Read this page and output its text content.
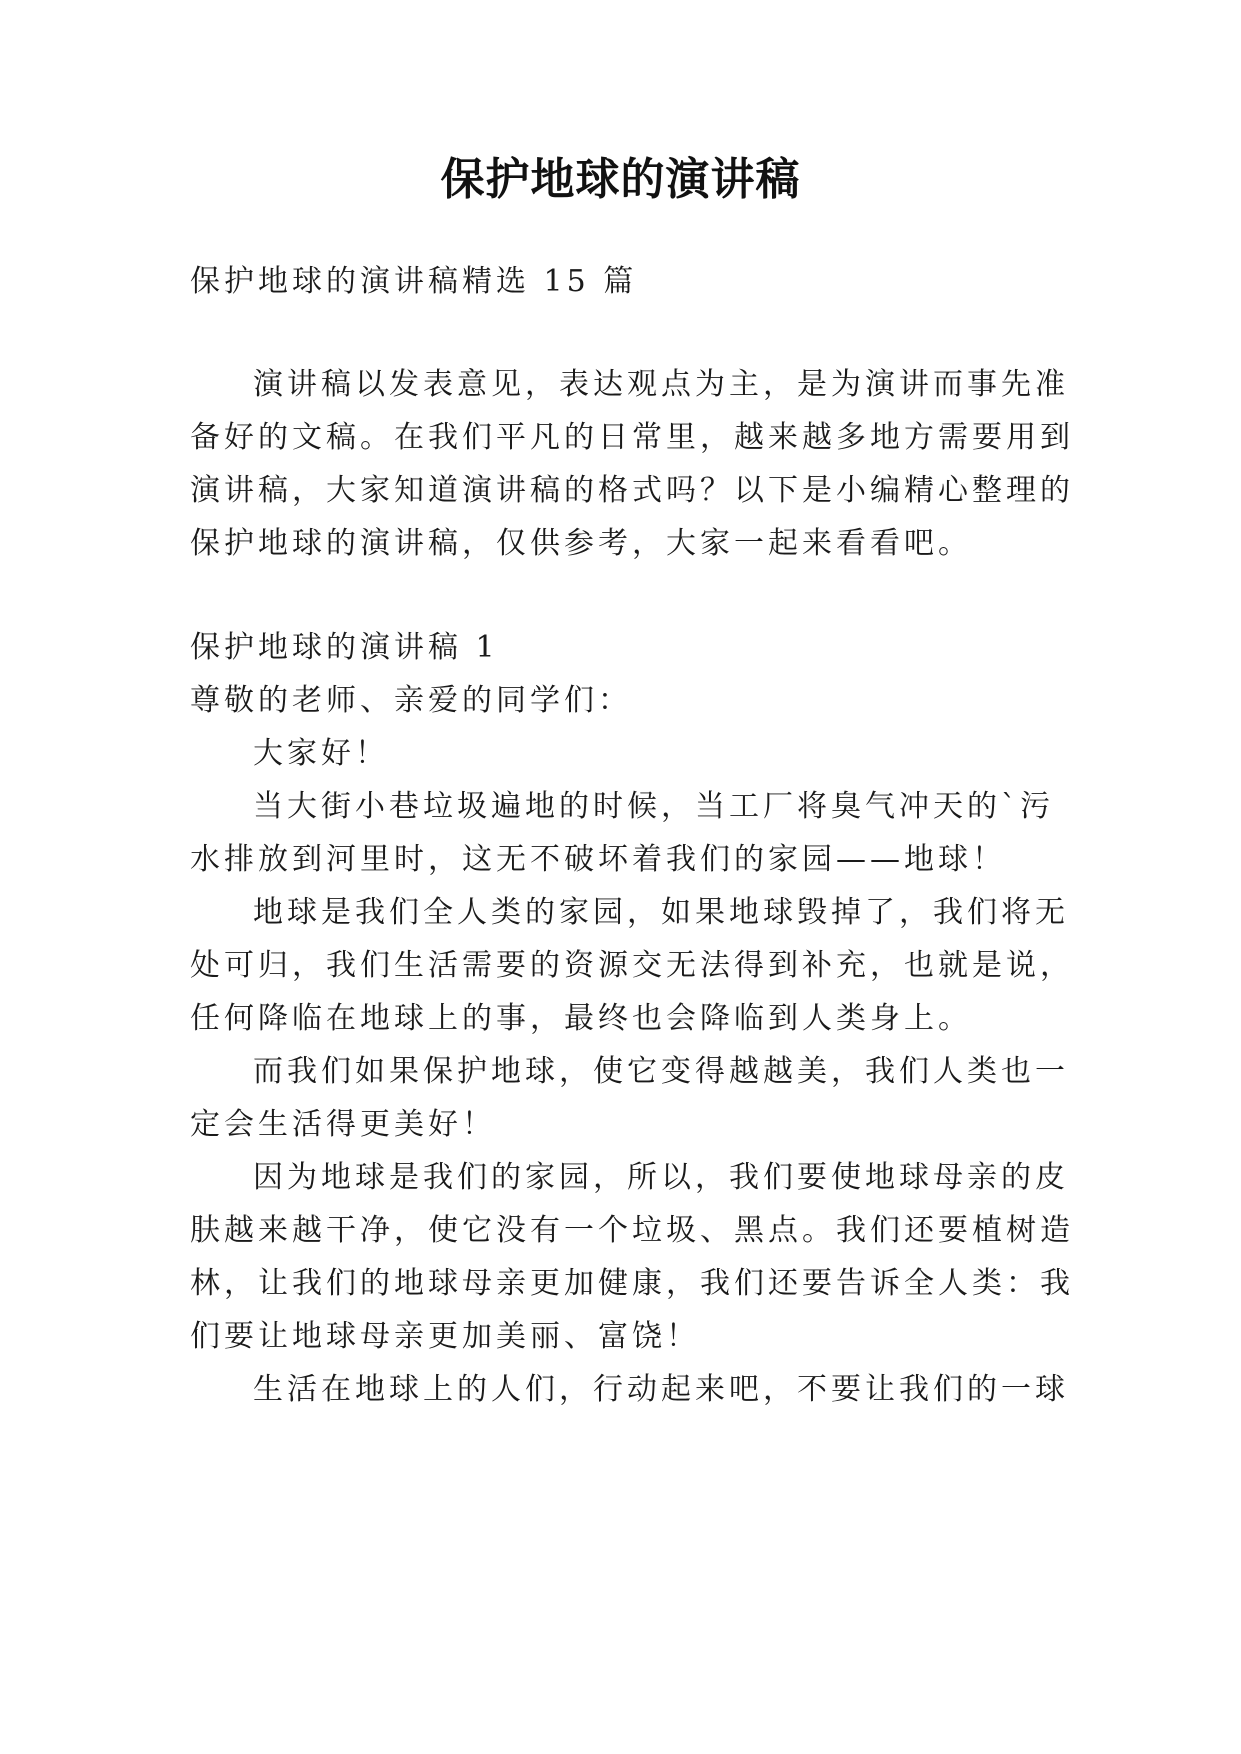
保护地球的演讲稿
保护地球的演讲稿精选 15 篇
演讲稿以发表意见，表达观点为主，是为演讲而事先准
备好的文稿。在我们平凡的日常里，越来越多地方需要用到
演讲稿，大家知道演讲稿的格式吗？以下是小编精心整理的
保护地球的演讲稿，仅供参考，大家一起来看看吧。
保护地球的演讲稿 1
尊敬的老师、亲爱的同学们：
大家好！
当大街小巷垃圾遍地的时候，当工厂将臭气冲天的`污
水排放到河里时，这无不破坏着我们的家园——地球！
地球是我们全人类的家园，如果地球毁掉了，我们将无
处可归，我们生活需要的资源交无法得到补充，也就是说，
任何降临在地球上的事，最终也会降临到人类身上。
而我们如果保护地球，使它变得越越美，我们人类也一
定会生活得更美好！
因为地球是我们的家园，所以，我们要使地球母亲的皮
肤越来越干净，使它没有一个垃圾、黑点。我们还要植树造
林，让我们的地球母亲更加健康，我们还要告诉全人类：我
们要让地球母亲更加美丽、富饶！
生活在地球上的人们，行动起来吧，不要让我们的一球
